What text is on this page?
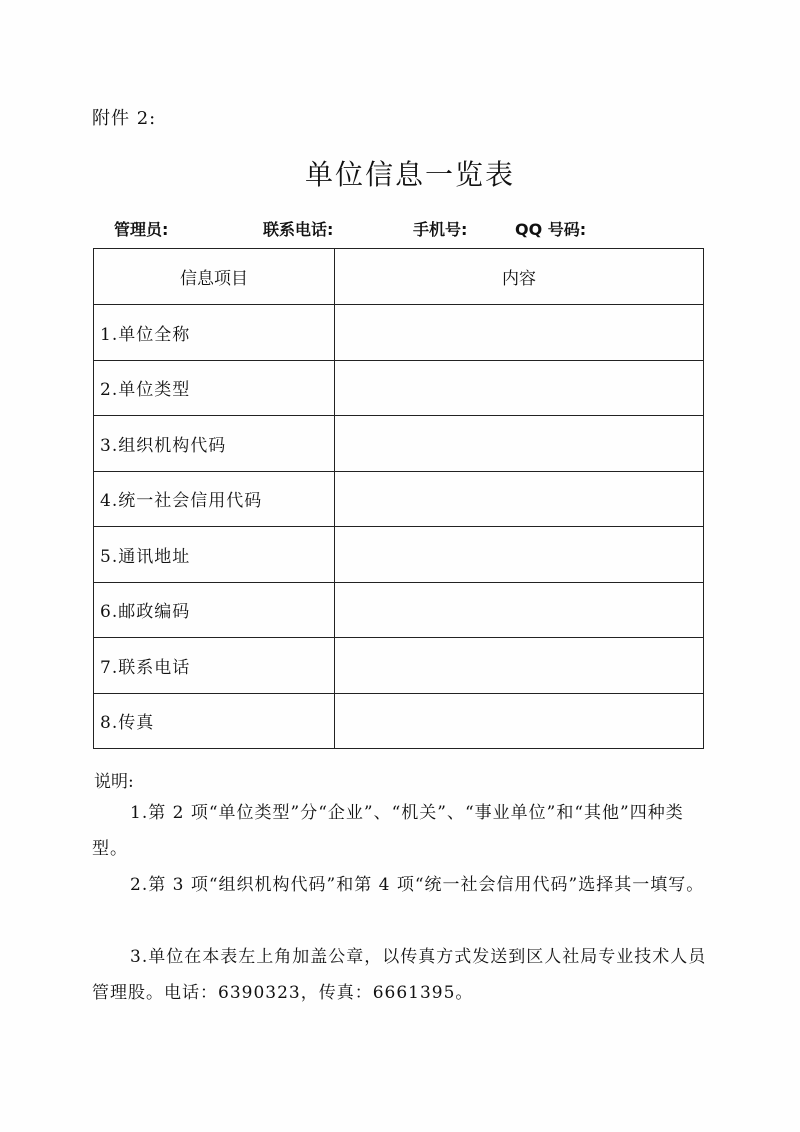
附件 2:
单位信息一览表
管理员:	联系电话:	手机号:	QQ 号码:
信息项目	内容
1.单位全称	
2.单位类型	
3.组织机构代码	
4.统一社会信用代码	
5.通讯地址	
6.邮政编码	
7.联系电话	
8.传真	
说明:

1.第 2 项“单位类型”分“企业”、“机关”、“事业单位”和“其他”四种类型。

2.第 3 项“组织机构代码”和第 4 项“统一社会信用代码”选择其一填写。

3.单位在本表左上角加盖公章，以传真方式发送到区人社局专业技术人员管理股。电话：6390323，传真：6661395。
